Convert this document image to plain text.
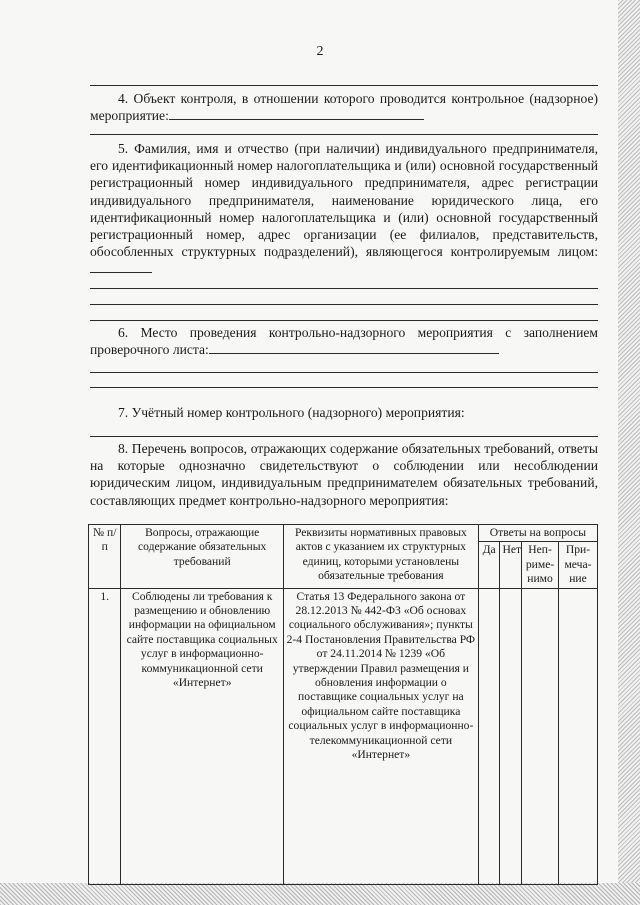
2
4. Объект контроля, в отношении которого проводится контрольное (надзорное) мероприятие:
5. Фамилия, имя и отчество (при наличии) индивидуального предпринимателя, его идентификационный номер налогоплательщика и (или) основной государственный регистрационный номер индивидуального предпринимателя, адрес регистрации индивидуального предпринимателя, наименование юридического лица, его идентификационный номер налогоплательщика и (или) основной государственный регистрационный номер, адрес организации (ее филиалов, представительств, обособленных структурных подразделений), являющегося контролируемым лицом:
6. Место проведения контрольно-надзорного мероприятия с заполнением проверочного листа:
7. Учётный номер контрольного (надзорного) мероприятия:
8. Перечень вопросов, отражающих содержание обязательных требований, ответы на которые однозначно свидетельствуют о соблюдении или несоблюдении юридическим лицом, индивидуальным предпринимателем обязательных требований, составляющих предмет контрольно-надзорного мероприятия:
№ п/п	Вопросы, отражающие содержание обязательных требований	Реквизиты нормативных правовых актов с указанием их структурных единиц, которыми установлены обязательные требования	Ответы на вопросы			
			Да	Нет	Неп-риме-нимо	При-меча-ние
1.	Соблюдены ли требования к размещению и обновлению информации на официальном сайте поставщика социальных услуг в информационно-коммуникационной сети «Интернет»	Статья 13 Федерального закона от 28.12.2013 № 442-ФЗ «Об основах социального обслуживания»; пункты 2-4 Постановления Правительства РФ от 24.11.2014 № 1239 «Об утверждении Правил размещения и обновления информации о поставщике социальных услуг на официальном сайте поставщика социальных услуг в информационно-телекоммуникационной сети «Интернет»				
